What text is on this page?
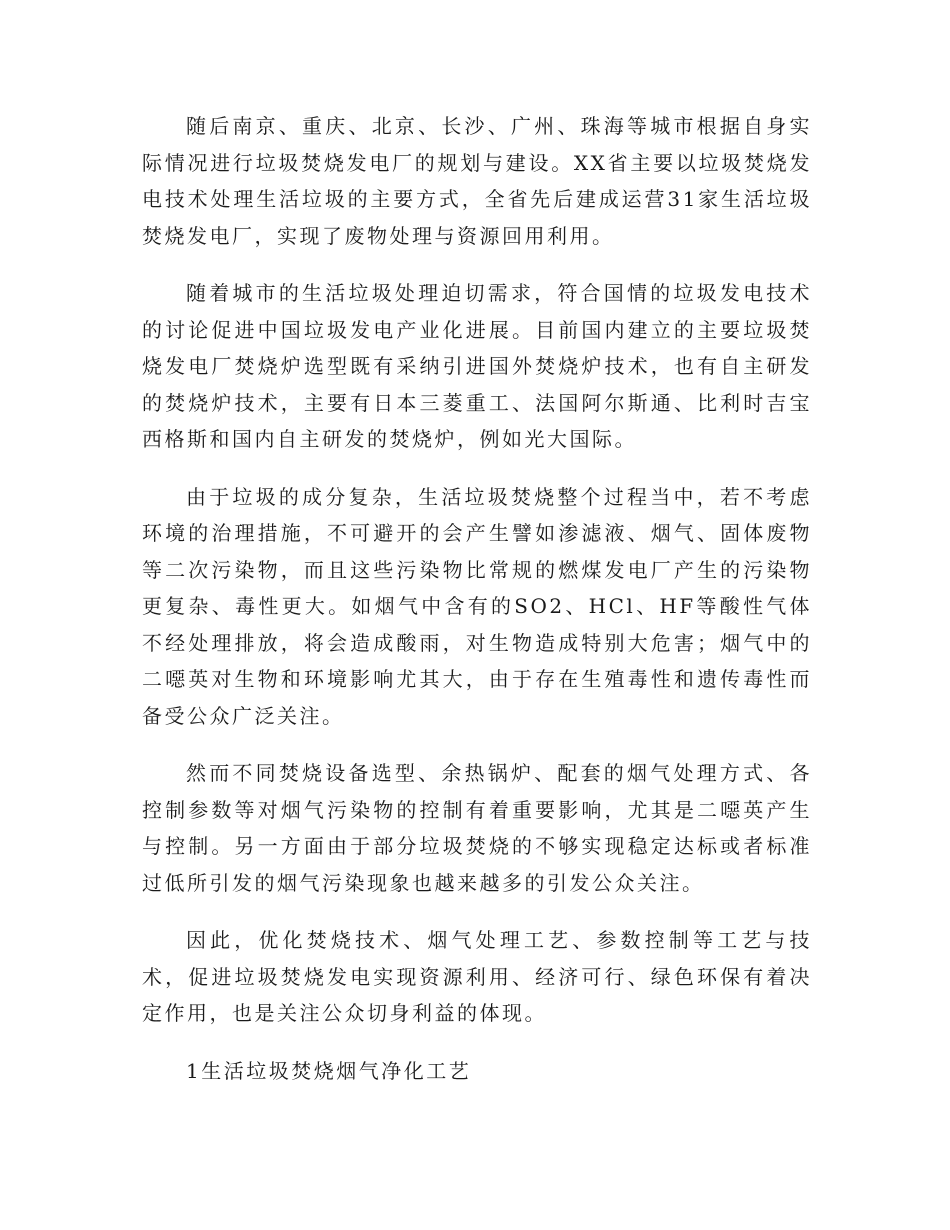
随后南京、重庆、北京、长沙、广州、珠海等城市根据自身实际情况进行垃圾焚烧发电厂的规划与建设。XX省主要以垃圾焚烧发电技术处理生活垃圾的主要方式，全省先后建成运营31家生活垃圾焚烧发电厂，实现了废物处理与资源回用利用。

随着城市的生活垃圾处理迫切需求，符合国情的垃圾发电技术的讨论促进中国垃圾发电产业化进展。目前国内建立的主要垃圾焚烧发电厂焚烧炉选型既有采纳引进国外焚烧炉技术，也有自主研发的焚烧炉技术，主要有日本三菱重工、法国阿尔斯通、比利时吉宝西格斯和国内自主研发的焚烧炉，例如光大国际。

由于垃圾的成分复杂，生活垃圾焚烧整个过程当中，若不考虑环境的治理措施，不可避开的会产生譬如渗滤液、烟气、固体废物等二次污染物，而且这些污染物比常规的燃煤发电厂产生的污染物更复杂、毒性更大。如烟气中含有的SO2、HCl、HF等酸性气体不经处理排放，将会造成酸雨，对生物造成特别大危害；烟气中的二噁英对生物和环境影响尤其大，由于存在生殖毒性和遗传毒性而备受公众广泛关注。

然而不同焚烧设备选型、余热锅炉、配套的烟气处理方式、各控制参数等对烟气污染物的控制有着重要影响，尤其是二噁英产生与控制。另一方面由于部分垃圾焚烧的不够实现稳定达标或者标准过低所引发的烟气污染现象也越来越多的引发公众关注。

因此，优化焚烧技术、烟气处理工艺、参数控制等工艺与技术，促进垃圾焚烧发电实现资源利用、经济可行、绿色环保有着决定作用，也是关注公众切身利益的体现。

1生活垃圾焚烧烟气净化工艺
